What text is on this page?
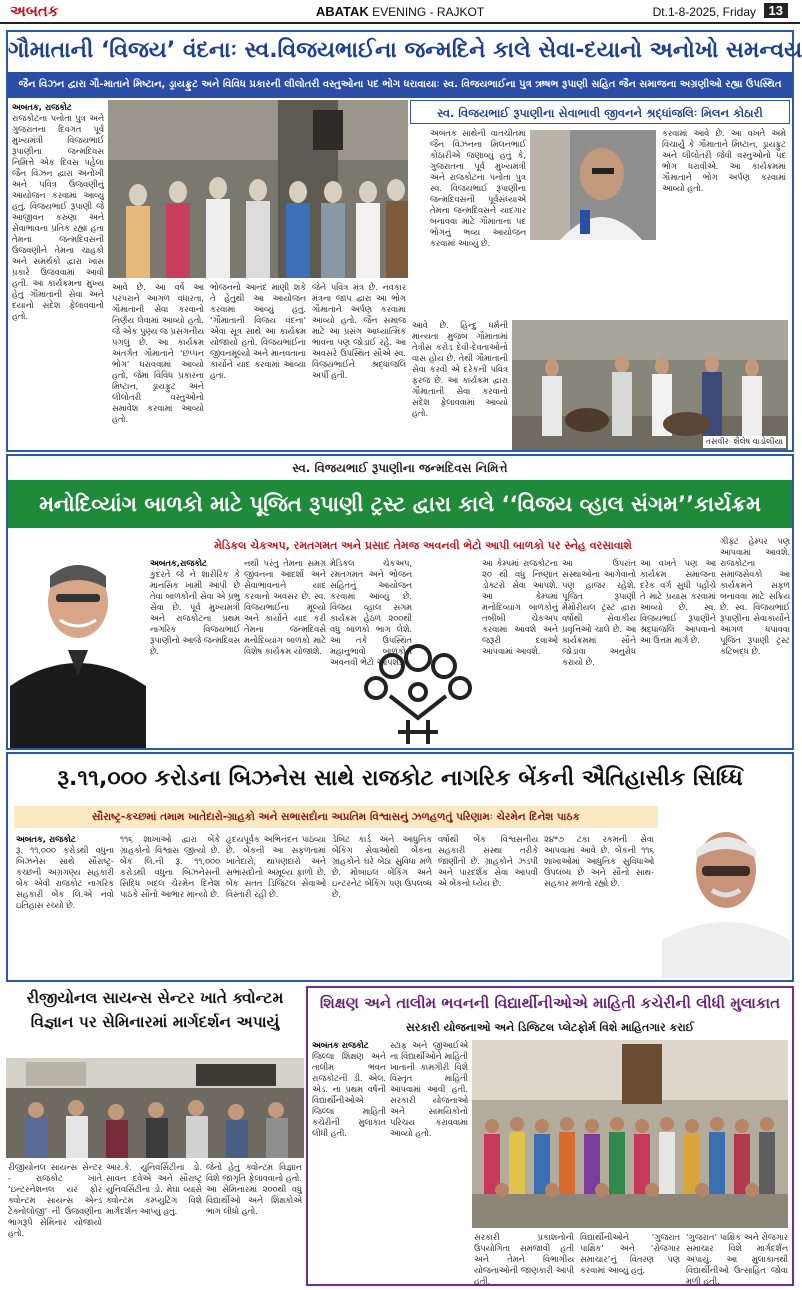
અબતક	ABATAK EVENING - RAJKOT	Dt.1-8-2025, Friday 13
ગૌમાતાની ‘વિજય’ વંદનાઃ સ્વ.વિજયભાઈના જન્મદિને કાલે સેવા-દયાનો અનોખો સમન્વય
જૈન વિઝન દ્વારા ગૌ-માતાને મિષ્ટાન, ડ્રાયફ્રુટ અને વિવિધ પ્રકારની લીલોતરી વસ્તુઓના પદ ભોગ ધરાવાયાઃ સ્વ. વિજયભાઈના પુત્ર ઋષભ રૂપાણી સહિત જૈન સમાજના અગ્રણીઓ રહ્યા ઉપસ્થિત
અબતક, રાજકોટ
રાજકોટના પનોતા પુત્ર અને ગુજરાતના દિવંગત પૂર્વ મુખ્યમંત્રી વિજયભાઈ રૂપાણીના જન્મદિવસ નિમિત્તે એક દિવસ પહેલા જૈન વિઝન દ્વારા અનોખી અને પવિત્ર ઉજવણીનું આયોજન કરવામાં આવ્યું હતું. વિજયભાઈ રૂપાણી જે આજીવન કરુણા અને સેવાભાવના પ્રતિક રહ્યા હતા તેમના જન્મદિવસની ઉજવણીને તેમના ચાહકો અને સમર્થકો દ્વારા ખાસ પ્રકારે ઉજવવામાં આવી હતી. આ કાર્યક્રમના મુખ્ય હેતુ ગૌમાતાની સેવા અને દયાનો સંદેશ ફેલાવવાનો હતો.
આવે છે. આ વર્ષે આ પરંપરાને આગળ વધારતા, ગૌમાતાની સેવા કરવાનો નિર્ણય લેવામાં આવ્યો હતો. જે એક પુણ્ય જ પ્રસંગનીય પગલું છે. આ કાર્યક્રમ અંતર્ગત ગૌમાતાને ‘છપ્પન ભોગ’ ધરાવવામાં આવ્યો હતો, જેમાં વિવિધ પ્રકારના મિષ્ટાન, ડ્રાયફ્રુટ અને લીલોતરી વસ્તુઓનો સમાવેશ કરવામાં આવ્યો હતો.
ભોજનનો આનંદ માણી શકે તે હેતુથી આ આયોજન કરવામાં આવ્યું હતું. ‘ગૌમાતાની વિજય વંદના’ એવા સૂત્ર સાથે આ કાર્યક્રમ યોજાયો હતો. વિજયભાઈના જીવનમૂલ્યો અને માનવતાના કાર્યોને યાદ કરવામાં આવ્યા હતા.
જેને પવિત્ર મંત્ર છે. નવકાર મંત્રના જાપ દ્વારા આ ભોગ ગૌમાતાને અર્પણ કરવામાં આવ્યો હતો. જૈન સમાજ માટે આ પ્રસંગ આધ્યાત્મિક ભાવના પણ જોડાઈ રહે. આ અવસરે ઉપસ્થિત સૌએ સ્વ. વિજયભાઈને શ્રદ્ધાંજલિ અર્પી હતી.
સ્વ. વિજયભાઈ રૂપાણીના સેવાભાવી જીવનને શ્રદ્ધાંજલિઃ મિલન કોઠારી
અબતક સાથેની વાતચીતમાં જૈન વિઝનના મિલનભાઈ કોઠારીએ જણાવ્યું હતું કે, ગુજરાતના પૂર્વ મુખ્યમંત્રી અને રાજકોટના પનોતા પુત્ર સ્વ. વિજયભાઈ રૂપાણીના જન્મદિવસની પૂર્વસંધ્યાએ તેમના જન્મદિવસને યાદગાર બનાવવા માટે ગૌમાતાના પદ ભોગનું ભવ્ય આયોજન કરવામાં આવ્યું છે.
કરવામાં આવે છે. આ વખતે અમે વિચાર્યું કે ગૌમાતાને મિષ્ટાન, ડ્રાયફ્રુટ અને લીલોતરી જેવી વસ્તુઓનો પદ ભોગ ધરાવીએ. આ કાર્યક્રમમાં ગૌમાતાને ભોગ અર્પણ કરવામાં આવ્યો હતો.
આવે છે. હિન્દુ ધર્મની માન્યતા મુજબ ગૌમાતામાં તેત્રીસ કરોડ દેવી-દેવતાઓનો વાસ હોય છે. તેથી ગૌમાતાની સેવા કરવી એ દરેકની પવિત્ર ફરજ છે. આ કાર્યક્રમ દ્વારા ગૌમાતાની સેવા કરવાનો સંદેશ ફેલાવવામાં આવ્યો હતો.
તસવીરઃ શૈલેષ વાડોલીયા
સ્વ. વિજયભાઈ રૂપાણીના જન્મદિવસ નિમિત્તે
મનોદિવ્યાંગ બાળકો માટે પૂજિત રૂપાણી ટ્રસ્ટ દ્વારા કાલે ‘‘વિજય વ્હાલ સંગમ’’કાર્યક્રમ
મેડિકલ ચેકઅપ, રમતગમત અને પ્રસાદ તેમજ અવનવી ભેટો આપી બાળકો પર સ્નેહ વરસાવાશે
અબતક,રાજકોટ
કુદરતે જે ને શારીરિક કે માનસિક ખામી આપી છે તેવા બાળકોની સેવા એ પ્રભુ સેવા છે. પૂર્વ મુખ્યમંત્રી અને રાજકોટના પ્રથમ નાગરિક વિજયભાઈ રૂપાણીનો આજે જન્મદિવસ છે.
નથી પરંતુ તેમના સમગ્ર જીવનના આદર્શો અને સેવાભાવનાને યાદ કરવાનો અવસર છે. સ્વ. વિજયભાઈના મૂલ્યો અને કાર્યોને યાદ કરી તેમના જન્મદિવસે મનોદિવ્યાંગ બાળકો માટે વિશેષ કાર્યક્રમ યોજાશે.
મેડિકલ ચેકઅપ, રમતગમત અને ભોજન સહિતનું આયોજન કરવામાં આવ્યું છે. વિજય વ્હાલ સંગમ કાર્યક્રમ હેઠળ ૨૦૦થી વધુ બાળકો ભાગ લેશે. આ તકે ઉપસ્થિત મહાનુભાવો બાળકોને અવનવી ભેટો આપશે.
આ કેમ્પમાં રાજકોટના ૨૦ થી વધુ નિષ્ણાંત ડોક્ટરો સેવા આપશે. આ કેમ્પમાં મનોદિવ્યાંગ બાળકોનું તબીબી ચેકઅપ કરવામાં આવશે અને જરૂરી દવાઓ આપવામાં આવશે.
આ ઉપરાંત સંસ્થાઓના આગેવાનો પણ હાજર રહેશે. પૂજિત રૂપાણી મેમોરીયલ ટ્રસ્ટ દ્વારા વર્ષોથી સેવાકીય પ્રવૃત્તિઓ ચાલે છે. આ કાર્યક્રમમાં સૌને જોડાવા અનુરોધ કરાયો છે.
આ વખતે પણ આ કાર્યક્રમ સમાજના દરેક વર્ગ સુધી પહોંચે તે માટે પ્રયાસ કરવામાં આવ્યો છે. સ્વ. વિજયભાઈ રૂપાણીને શ્રદ્ધાંજલિ આપવાનો આ ઉત્તમ માર્ગ છે.
ગીફ્ટ હેમ્પર પણ આપવામાં આવશે. રાજકોટના સમાજસેવકો આ કાર્યક્રમને સફળ બનાવવા માટે સક્રિય છે. સ્વ. વિજયભાઈ રૂપાણીના સેવાકાર્યોને આગળ ધપાવવા પૂજિત રૂપાણી ટ્રસ્ટ કટિબદ્ધ છે.
રૂ.૧૧,૦૦૦ કરોડના બિઝનેસ સાથે રાજકોટ નાગરિક બેંકની ઐતિહાસીક સિધ્ધિ
સૌરાષ્ટ્ર-કચ્છમાં તમામ ખાતેદારો-ગ્રાહકો અને સભાસદોના અપ્રતિમ વિશ્વાસનું ઝળહળતું પરિણામઃ ચેરમેન દિનેશ પાઠક
અબતક, રાજકોટ
રૂ. ૧૧,૦૦૦ કરોડથી વધુના બિઝનેસ સાથે સૌરાષ્ટ્ર-કચ્છની અગ્રગણ્ય સહકારી બેંક એવી રાજકોટ નાગરિક સહકારી બેંક લિ.એ નવો ઇતિહાસ રચ્યો છે.
૧૧૬ શાખાઓ દ્વારા બેંકે ગ્રાહકોનો વિશ્વાસ જીત્યો છે. બેંક લિ.ની રૂ. ૧૧,૦૦૦ કરોડથી વધુના બિઝનેસની સિદ્ધિ બદલ ચેરમેન દિનેશ પાઠકે સૌનો આભાર માન્યો છે.
હૃદયપૂર્વક અભિનંદન પાઠવ્યા છે. બેંકની આ સફળતામાં ખાતેદારો, થાપણદારો અને સભાસદોનો અમૂલ્ય ફાળો છે. બેંક સતત ડિજિટલ સેવાઓ વિસ્તારી રહી છે.
ડેબિટ કાર્ડ અને આધુનિક બેંકિંગ સેવાઓથી બેંકના ગ્રાહકોને ઘરે બેઠા સુવિધા મળે છે. મોબાઇલ બેંકિંગ અને ઇન્ટરનેટ બેંકિંગ પણ ઉપલબ્ધ છે.
વર્ષોથી બેંક વિશ્વસનીય સહકારી સંસ્થા તરીકે જાણીતી છે. ગ્રાહકોને ઝડપી અને પારદર્શક સેવા આપવી એ બેંકનો ધ્યેય છે.
૨૪*૭ ટકા રકમની સેવા આપવામાં આવે છે. બેંકની ૧૧૬ શાખાઓમાં આધુનિક સુવિધાઓ ઉપલબ્ધ છે અને સૌનો સાથ-સહકાર મળતો રહ્યો છે.
રીજીયોનલ સાયન્સ સેન્ટર ખાતે ક્વોન્ટમ વિજ્ઞાન પર સેમિનારમાં માર્ગદર્શન અપાયું
રીજીયોનલ સાયન્સ સેન્ટર - રાજકોટ ખાતે ‘ઇન્ટરનેશનલ યર ફોર ક્વોન્ટમ સાયન્સ એન્ડ ટેક્નોલોજી’ ની ઉજવણીના ભાગરૂપે સેમિનાર યોજાયો હતો.
આર.કે. યુનિવર્સિટીના ડો. સાવન દવેએ અને સૌરાષ્ટ્ર યુનિવર્સિટીના ડો. મેઘા વ્યાસે ક્વોન્ટમ કમ્પ્યુટિંગ વિશે માર્ગદર્શન આપ્યું હતું.
જેનો હેતુ ક્વોન્ટમ વિજ્ઞાન વિશે જાગૃતિ ફેલાવવાનો હતો. આ સેમિનારમાં ૨૦૦થી વધુ વિદ્યાર્થીઓ અને શિક્ષકોએ ભાગ લીધો હતો.
શિક્ષણ અને તાલીમ ભવનની વિદ્યાર્થીનીઓએ માહિતી કચેરીની લીધી મુલાકાત
સરકારી યોજનાઓ અને ડિજિટલ પ્લેટફોર્મ વિશે માહિતગાર કરાઈ
અબતક રાજકોટ
જિલ્લા શિક્ષણ અને તાલીમ ભવન રાજકોટની ડી. એલ. એડ. ના પ્રથમ વર્ષની વિદ્યાર્થીનીઓએ જિલ્લા માહિતી કચેરીની મુલાકાત લીધી હતી.
સ્ટાફ અને જીઆઈએ ના વિદ્યાર્થીઓને માહિતી ખાતાની કામગીરી વિશે વિસ્તૃત માહિતી આપવામાં આવી હતી. સરકારી યોજનાઓ અને સામયિકોનો પરિચય કરાવવામાં આવ્યો હતો.
સરકારી પ્રકાશનોની ઉપયોગિતા સમજાવી હતી અને તેમને વિભાગીય યોજનાઓની જાણકારી આપી હતી.
વિદ્યાર્થીનીઓને ‘ગુજરાત પાક્ષિક’ અને ‘રોજગાર સમાચાર’નું વિતરણ પણ કરવામાં આવ્યું હતું.
‘ગુજરાત’ પાક્ષિક અને રોજગાર સમાચાર વિશે માર્ગદર્શન અપાયું. આ મુલાકાતથી વિદ્યાર્થીનીઓ ઉત્સાહિત જોવા મળી હતી.
